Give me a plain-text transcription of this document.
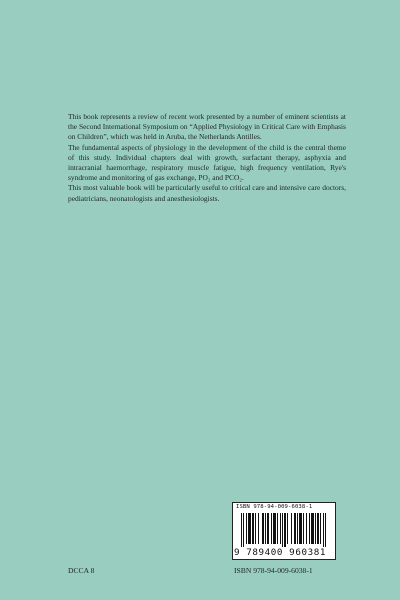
This book represents a review of recent work presented by a number of eminent scientists at the Second International Symposium on “Applied Physiology in Critical Care with Emphasis on Children”, which was held in Aruba, the Netherlands Antilles.

The fundamental aspects of physiology in the development of the child is the central theme of this study. Individual chapters deal with growth, surfactant therapy, asphyxia and intracranial haemorrhage, respiratory muscle fatigue, high frequency ventilation, Rye's syndrome and monitoring of gas exchange, PO₂ and PCO₂.

This most valuable book will be particularly useful to critical care and intensive care doctors, pediatricians, neonatologists and anesthesiologists.

ISBN 978-94-009-6038-1
9 789400 960381
DCCA 8	ISBN 978-94-009-6038-1
